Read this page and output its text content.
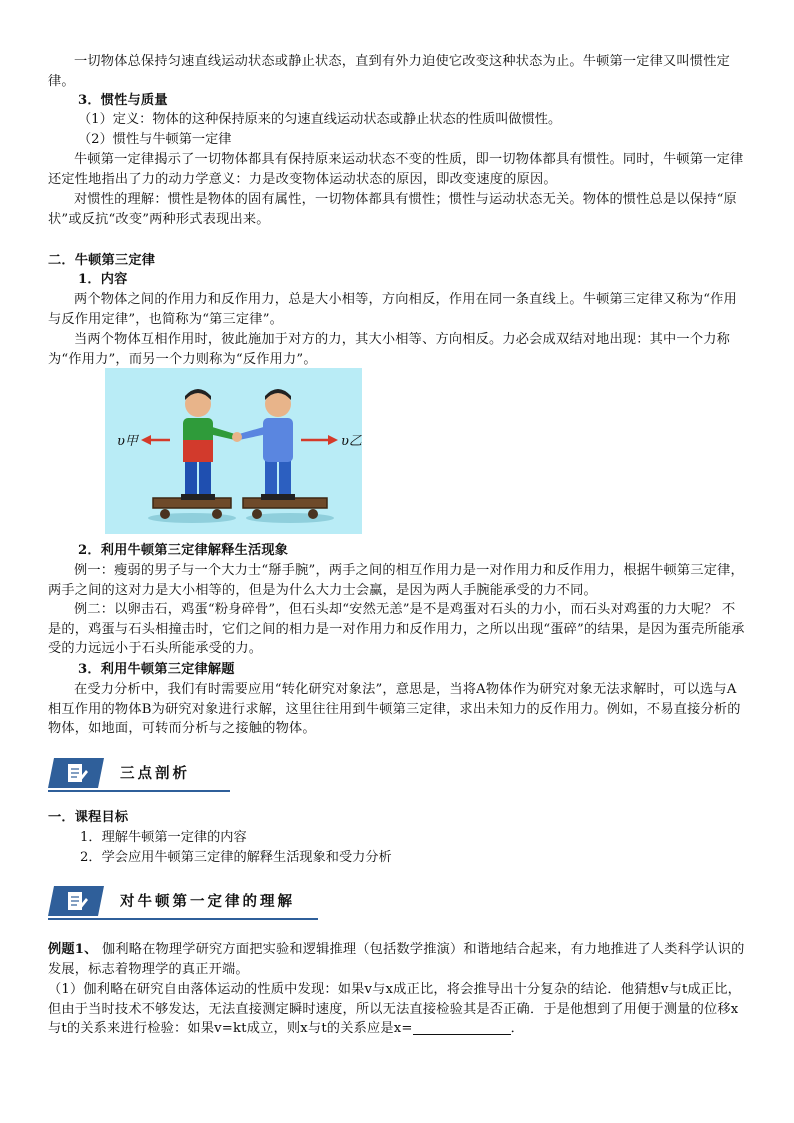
一切物体总保持匀速直线运动状态或静止状态，直到有外力迫使它改变这种状态为止。牛顿第一定律又叫惯性定律。

3．惯性与质量

（1）定义：物体的这种保持原来的匀速直线运动状态或静止状态的性质叫做惯性。

（2）惯性与牛顿第一定律

牛顿第一定律揭示了一切物体都具有保持原来运动状态不变的性质，即一切物体都具有惯性。同时，牛顿第一定律还定性地指出了力的动力学意义：力是改变物体运动状态的原因，即改变速度的原因。

对惯性的理解：惯性是物体的固有属性，一切物体都具有惯性；惯性与运动状态无关。物体的惯性总是以保持“原状”或反抗“改变”两种形式表现出来。

二．牛顿第三定律

1．内容

两个物体之间的作用力和反作用力，总是大小相等，方向相反，作用在同一条直线上。牛顿第三定律又称为“作用与反作用定律”，也简称为“第三定律”。

当两个物体互相作用时，彼此施加于对方的力，其大小相等、方向相反。力必会成双结对地出现：其中一个力称为“作用力”，而另一个力则称为“反作用力”。

υ甲	υ乙

2．利用牛顿第三定律解释生活现象

例一：瘦弱的男子与一个大力士“掰手腕”，两手之间的相互作用力是一对作用力和反作用力，根据牛顿第三定律，两手之间的这对力是大小相等的，但是为什么大力士会赢，是因为两人手腕能承受的力不同。

例二：以卵击石，鸡蛋“粉身碎骨”，但石头却“安然无恙”是不是鸡蛋对石头的力小，而石头对鸡蛋的力大呢？ 不是的，鸡蛋与石头相撞击时，它们之间的相力是一对作用力和反作用力，之所以出现“蛋碎”的结果，是因为蛋壳所能承受的力远远小于石头所能承受的力。

3．利用牛顿第三定律解题

在受力分析中，我们有时需要应用“转化研究对象法”，意思是，当将A物体作为研究对象无法求解时，可以选与A相互作用的物体B为研究对象进行求解，这里往往用到牛顿第三定律，求出未知力的反作用力。例如，不易直接分析的物体，如地面，可转而分析与之接触的物体。

三点剖析

一．课程目标

1．理解牛顿第一定律的内容

2．学会应用牛顿第三定律的解释生活现象和受力分析

对牛顿第一定律的理解

例题1、 伽利略在物理学研究方面把实验和逻辑推理（包括数学推演）和谐地结合起来，有力地推进了人类科学认识的发展，标志着物理学的真正开端。

（1）伽利略在研究自由落体运动的性质中发现：如果v与x成正比，将会推导出十分复杂的结论．他猜想v与t成正比，但由于当时技术不够发达，无法直接测定瞬时速度，所以无法直接检验其是否正确．于是他想到了用便于测量的位移x与t的关系来进行检验：如果v=kt成立，则x与t的关系应是x=	．
